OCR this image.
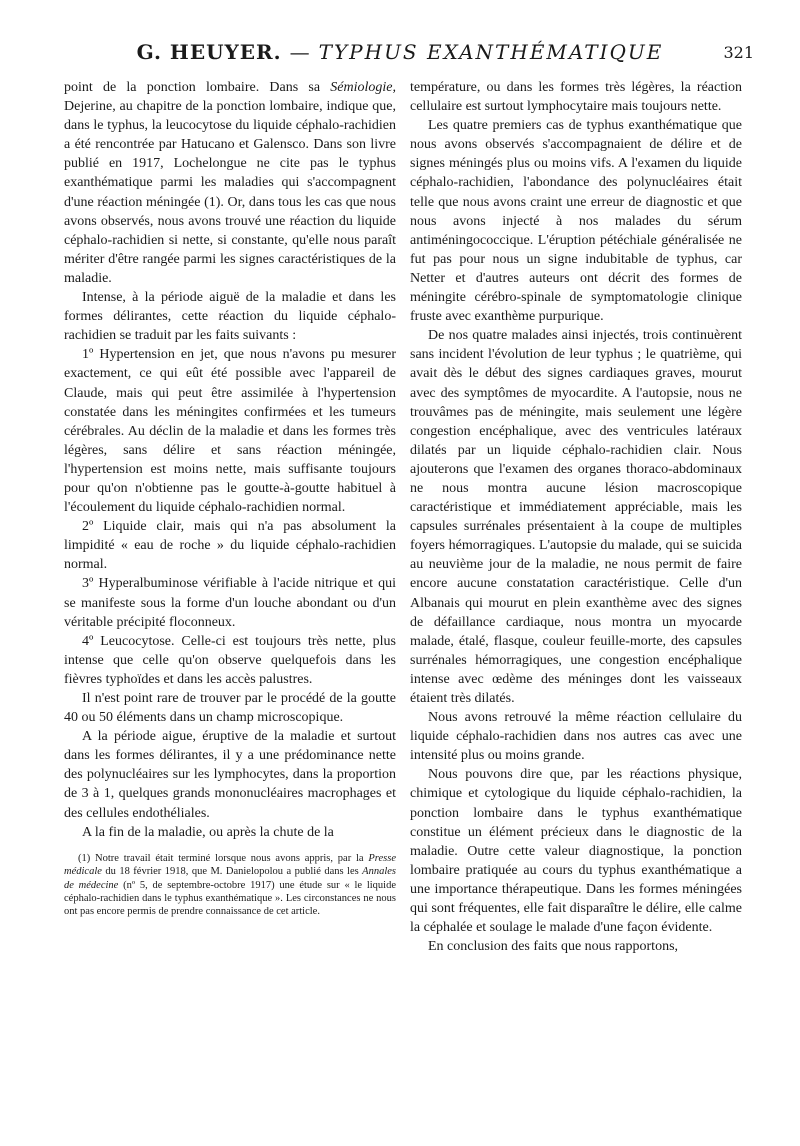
G. HEUYER. — TYPHUS EXANTHÉMATIQUE	321

point de la ponction lombaire. Dans sa Sémiologie, Dejerine, au chapitre de la ponction lombaire, indique que, dans le typhus, la leucocytose du liquide céphalo-rachidien a été rencontrée par Hatucano et Galensco. Dans son livre publié en 1917, Lochelongue ne cite pas le typhus exanthématique parmi les maladies qui s'accompagnent d'une réaction méningée (1). Or, dans tous les cas que nous avons observés, nous avons trouvé une réaction du liquide céphalo-rachidien si nette, si constante, qu'elle nous paraît mériter d'être rangée parmi les signes caractéristiques de la maladie.

Intense, à la période aiguë de la maladie et dans les formes délirantes, cette réaction du liquide céphalo-rachidien se traduit par les faits suivants :

1º Hypertension en jet, que nous n'avons pu mesurer exactement, ce qui eût été possible avec l'appareil de Claude, mais qui peut être assimilée à l'hypertension constatée dans les méningites confirmées et les tumeurs cérébrales. Au déclin de la maladie et dans les formes très légères, sans délire et sans réaction méningée, l'hypertension est moins nette, mais suffisante toujours pour qu'on n'obtienne pas le goutte-à-goutte habituel à l'écoulement du liquide céphalo-rachidien normal.

2º Liquide clair, mais qui n'a pas absolument la limpidité « eau de roche » du liquide céphalo-rachidien normal.

3º Hyperalbuminose vérifiable à l'acide nitrique et qui se manifeste sous la forme d'un louche abondant ou d'un véritable précipité floconneux.

4º Leucocytose. Celle-ci est toujours très nette, plus intense que celle qu'on observe quelquefois dans les fièvres typhoïdes et dans les accès palustres.

Il n'est point rare de trouver par le procédé de la goutte 40 ou 50 éléments dans un champ microscopique.

A la période aigue, éruptive de la maladie et surtout dans les formes délirantes, il y a une prédominance nette des polynucléaires sur les lymphocytes, dans la proportion de 3 à 1, quelques grands mononucléaires macrophages et des cellules endothéliales.

A la fin de la maladie, ou après la chute de la

(1) Notre travail était terminé lorsque nous avons appris, par la Presse médicale du 18 février 1918, que M. Danielopolou a publié dans les Annales de médecine (nº 5, de septembre-octobre 1917) une étude sur « le liquide céphalo-rachidien dans le typhus exanthématique ». Les circonstances ne nous ont pas encore permis de prendre connaissance de cet article.

température, ou dans les formes très légères, la réaction cellulaire est surtout lymphocytaire mais toujours nette.

Les quatre premiers cas de typhus exanthématique que nous avons observés s'accompagnaient de délire et de signes méningés plus ou moins vifs. A l'examen du liquide céphalo-rachidien, l'abondance des polynucléaires était telle que nous avons craint une erreur de diagnostic et que nous avons injecté à nos malades du sérum antiméningococcique. L'éruption pétéchiale généralisée ne fut pas pour nous un signe indubitable de typhus, car Netter et d'autres auteurs ont décrit des formes de méningite cérébro-spinale de symptomatologie clinique fruste avec exanthème purpurique.

De nos quatre malades ainsi injectés, trois continuèrent sans incident l'évolution de leur typhus ; le quatrième, qui avait dès le début des signes cardiaques graves, mourut avec des symptômes de myocardite. A l'autopsie, nous ne trouvâmes pas de méningite, mais seulement une légère congestion encéphalique, avec des ventricules latéraux dilatés par un liquide céphalo-rachidien clair. Nous ajouterons que l'examen des organes thoraco-abdominaux ne nous montra aucune lésion macroscopique caractéristique et immédiatement appréciable, mais les capsules surrénales présentaient à la coupe de multiples foyers hémorragiques. L'autopsie du malade, qui se suicida au neuvième jour de la maladie, ne nous permit de faire encore aucune constatation caractéristique. Celle d'un Albanais qui mourut en plein exanthème avec des signes de défaillance cardiaque, nous montra un myocarde malade, étalé, flasque, couleur feuille-morte, des capsules surrénales hémorragiques, une congestion encéphalique intense avec œdème des méninges dont les vaisseaux étaient très dilatés.

Nous avons retrouvé la même réaction cellulaire du liquide céphalo-rachidien dans nos autres cas avec une intensité plus ou moins grande.

Nous pouvons dire que, par les réactions physique, chimique et cytologique du liquide céphalo-rachidien, la ponction lombaire dans le typhus exanthématique constitue un élément précieux dans le diagnostic de la maladie. Outre cette valeur diagnostique, la ponction lombaire pratiquée au cours du typhus exanthématique a une importance thérapeutique. Dans les formes méningées qui sont fréquentes, elle fait disparaître le délire, elle calme la céphalée et soulage le malade d'une façon évidente.

En conclusion des faits que nous rapportons,
